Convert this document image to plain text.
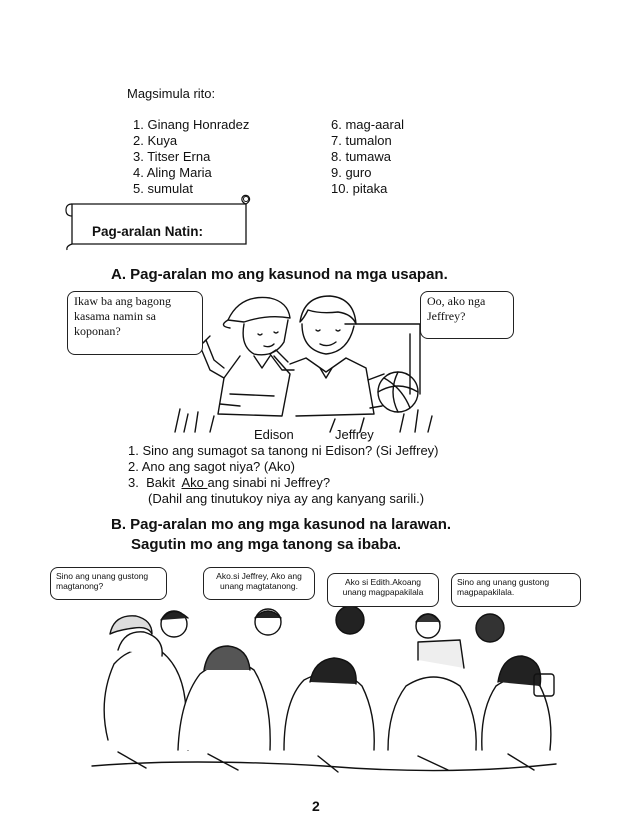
Magsimula rito:
1. Ginang Honradez
2. Kuya
3. Titser Erna
4. Aling Maria
5. sumulat
6. mag-aaral
7. tumalon
8. tumawa
9. guro
10. pitaka
Pag-aralan Natin:
A. Pag-aralan mo ang kasunod na mga usapan.
Ikaw ba ang bagong kasama namin sa koponan?
Oo, ako nga Jeffrey?
Edison	Jeffrey
1. Sino ang sumagot sa tanong ni Edison? (Si Jeffrey)
2. Ano ang sagot niya? (Ako)
3.  Bakit  Ako ang sinabi ni Jeffrey?
(Dahil ang tinutukoy niya ay ang kanyang sarili.)
B. Pag-aralan mo ang mga kasunod na larawan.
Sagutin mo ang mga tanong sa ibaba.
Sino ang unang gustong magtanong?
Ako.si Jeffrey, Ako ang unang magtatanong.	Ako si Edith.Akoang unang magpapakilala
Sino ang unang gustong magpapakilala.
2
